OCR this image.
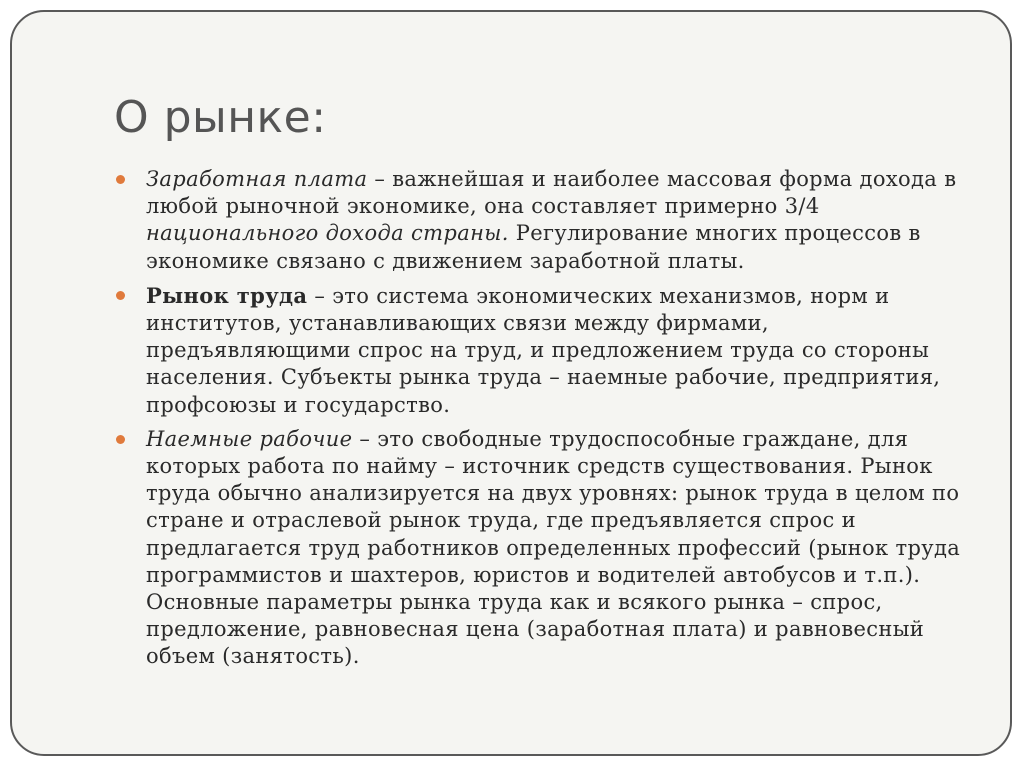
О рынке:
Заработная плата – важнейшая и наиболее массовая форма дохода в любой рыночной экономике, она составляет примерно 3/4 национального дохода страны. Регулирование многих процессов в экономике связано с движением заработной платы.
Рынок труда – это система экономических механизмов, норм и институтов, устанавливающих связи между фирмами, предъявляющими спрос на труд, и предложением труда со стороны населения. Субъекты рынка труда – наемные рабочие, предприятия, профсоюзы и государство.
Наемные рабочие – это свободные трудоспособные граждане, для которых работа по найму – источник средств существования. Рынок труда обычно анализируется на двух уровнях: рынок труда в целом по стране и отраслевой рынок труда, где предъявляется спрос и предлагается труд работников определенных профессий (рынок труда программистов и шахтеров, юристов и водителей автобусов и т.п.). Основные параметры рынка труда как и всякого рынка – спрос, предложение, равновесная цена (заработная плата) и равновесный объем (занятость).
